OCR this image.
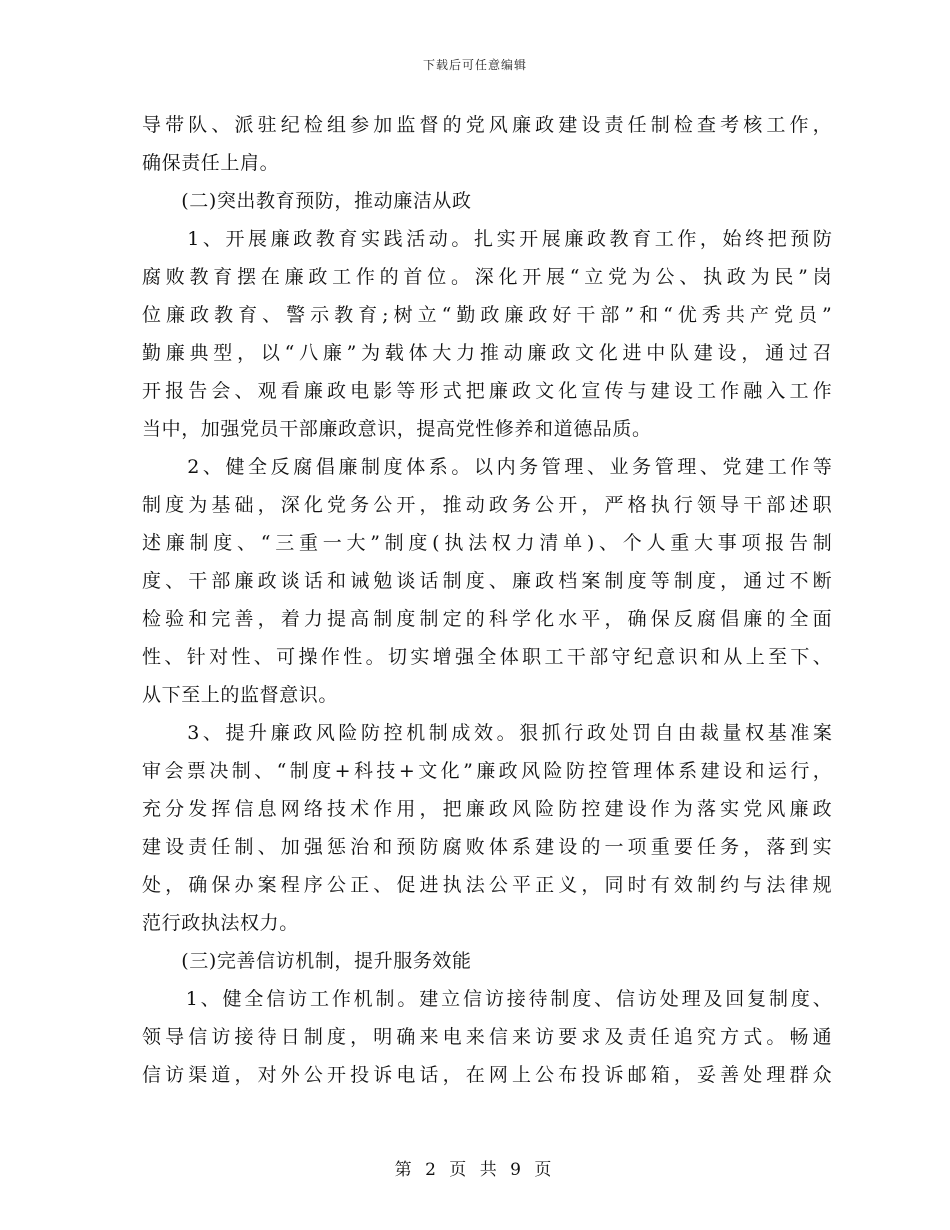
下载后可任意编辑
导 带 队 、 派 驻 纪 检 组 参 加 监 督 的 党 风 廉 政 建 设 责 任 制 检 查 考 核 工 作 ，
确保责任上肩。
　　(二)突出教育预防，推动廉洁从政

1 、 开 展 廉 政 教 育 实 践 活 动 。 扎 实 开 展 廉 政 教 育 工 作 ， 始 终 把 预 防
腐 败 教 育 摆 在 廉 政 工 作 的 首 位 。 深 化 开 展 “ 立 党 为 公 、 执 政 为 民 ” 岗
位 廉 政 教 育 、 警 示 教 育 ; 树 立 “ 勤 政 廉 政 好 干 部 ” 和 “ 优 秀 共 产 党 员 ”
勤 廉 典 型 ， 以 “ 八 廉 ” 为 载 体 大 力 推 动 廉 政 文 化 进 中 队 建 设 ， 通 过 召
开 报 告 会 、 观 看 廉 政 电 影 等 形 式 把 廉 政 文 化 宣 传 与 建 设 工 作 融 入 工 作
当中，加强党员干部廉政意识，提高党性修养和道德品质。

2 、 健 全 反 腐 倡 廉 制 度 体 系 。 以 内 务 管 理 、 业 务 管 理 、 党 建 工 作 等
制 度 为 基 础 ， 深 化 党 务 公 开 ， 推 动 政 务 公 开 ， 严 格 执 行 领 导 干 部 述 职
述 廉 制 度 、 “ 三 重 一 大 ” 制 度 ( 执 法 权 力 清 单 ) 、 个 人 重 大 事 项 报 告 制
度 、 干 部 廉 政 谈 话 和 诫 勉 谈 话 制 度 、 廉 政 档 案 制 度 等 制 度 ， 通 过 不 断
检 验 和 完 善 ， 着 力 提 高 制 度 制 定 的 科 学 化 水 平 ， 确 保 反 腐 倡 廉 的 全 面
性 、 针 对 性 、 可 操 作 性 。 切 实 增 强 全 体 职 工 干 部 守 纪 意 识 和 从 上 至 下 、
从下至上的监督意识。

3 、 提 升 廉 政 风 险 防 控 机 制 成 效 。 狠 抓 行 政 处 罚 自 由 裁 量 权 基 准 案
审 会 票 决 制 、 “ 制 度 + 科 技 + 文 化 ” 廉 政 风 险 防 控 管 理 体 系 建 设 和 运 行 ，
充 分 发 挥 信 息 网 络 技 术 作 用 ， 把 廉 政 风 险 防 控 建 设 作 为 落 实 党 风 廉 政
建 设 责 任 制 、 加 强 惩 治 和 预 防 腐 败 体 系 建 设 的 一 项 重 要 任 务 ， 落 到 实
处 ， 确 保 办 案 程 序 公 正 、 促 进 执 法 公 平 正 义 ， 同 时 有 效 制 约 与 法 律 规
范行政执法权力。
　　(三)完善信访机制，提升服务效能

1 、 健 全 信 访 工 作 机 制 。 建 立 信 访 接 待 制 度 、 信 访 处 理 及 回 复 制 度 、
领 导 信 访 接 待 日 制 度 ， 明 确 来 电 来 信 来 访 要 求 及 责 任 追 究 方 式 。 畅 通
信 访 渠 道 ， 对 外 公 开 投 诉 电 话 ， 在 网 上 公 布 投 诉 邮 箱 ， 妥 善 处 理 群 众
第 2 页 共 9 页
